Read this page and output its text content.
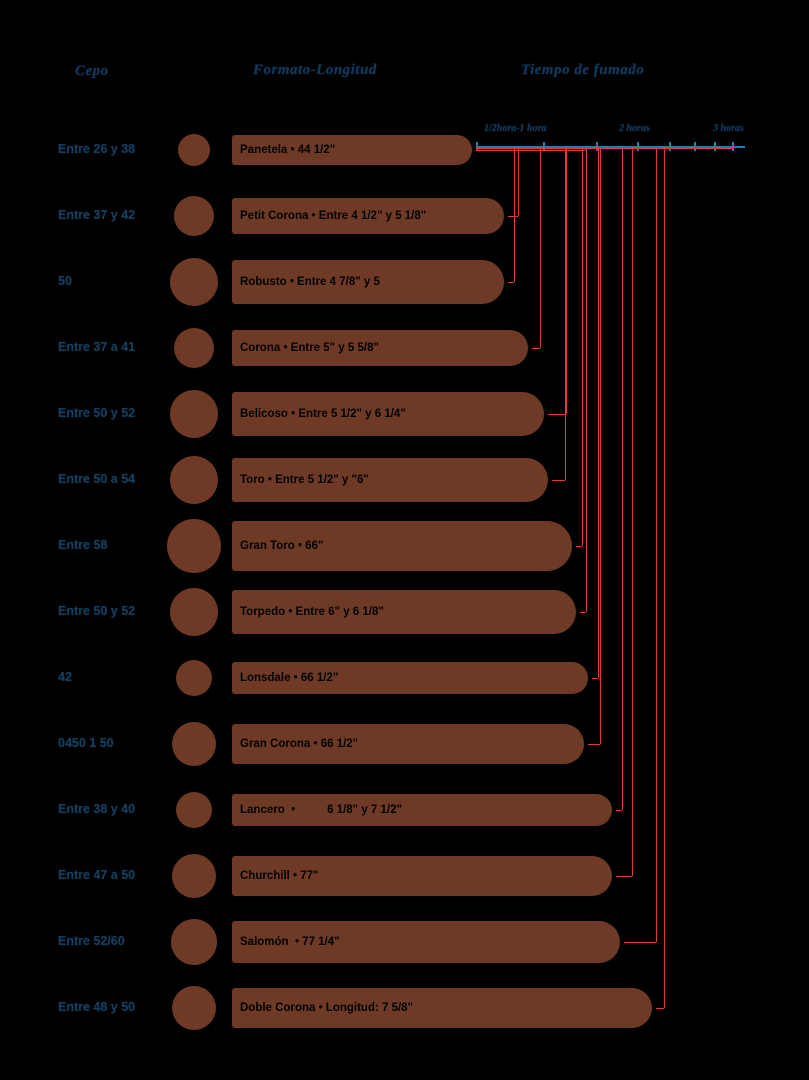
Cepo	Formato-Longitud	Tiempo de fumado
1/2hora-1 hora	2 horas	3 horas
Entre 26 y 38	Panetela • 44 1/2"
Entre 37 y 42	Petit Corona • Entre 4 1/2" y 5 1/8"
50	Robusto • Entre 4 7/8" y 5
Entre 37 a 41	Corona • Entre 5" y 5 5/8"
Entre 50 y 52	Belicoso • Entre 5 1/2" y 6 1/4"
Entre 50 a 54	Toro • Entre 5 1/2" y "6"
Entre 58	Gran Toro • 66"
Entre 50 y 52	Torpedo • Entre 6" y 6 1/8"
42	Lonsdale • 66 1/2"
0450 1 50	Gran Corona • 66 1/2"
Entre 38 y 40	Lancero  •          6 1/8" y 7 1/2"
Entre 47 a 50	Churchill • 77"
Entre 52/60	Salomón  • 77 1/4"
Entre 48 y 50	Doble Corona • Longitud: 7 5/8"
